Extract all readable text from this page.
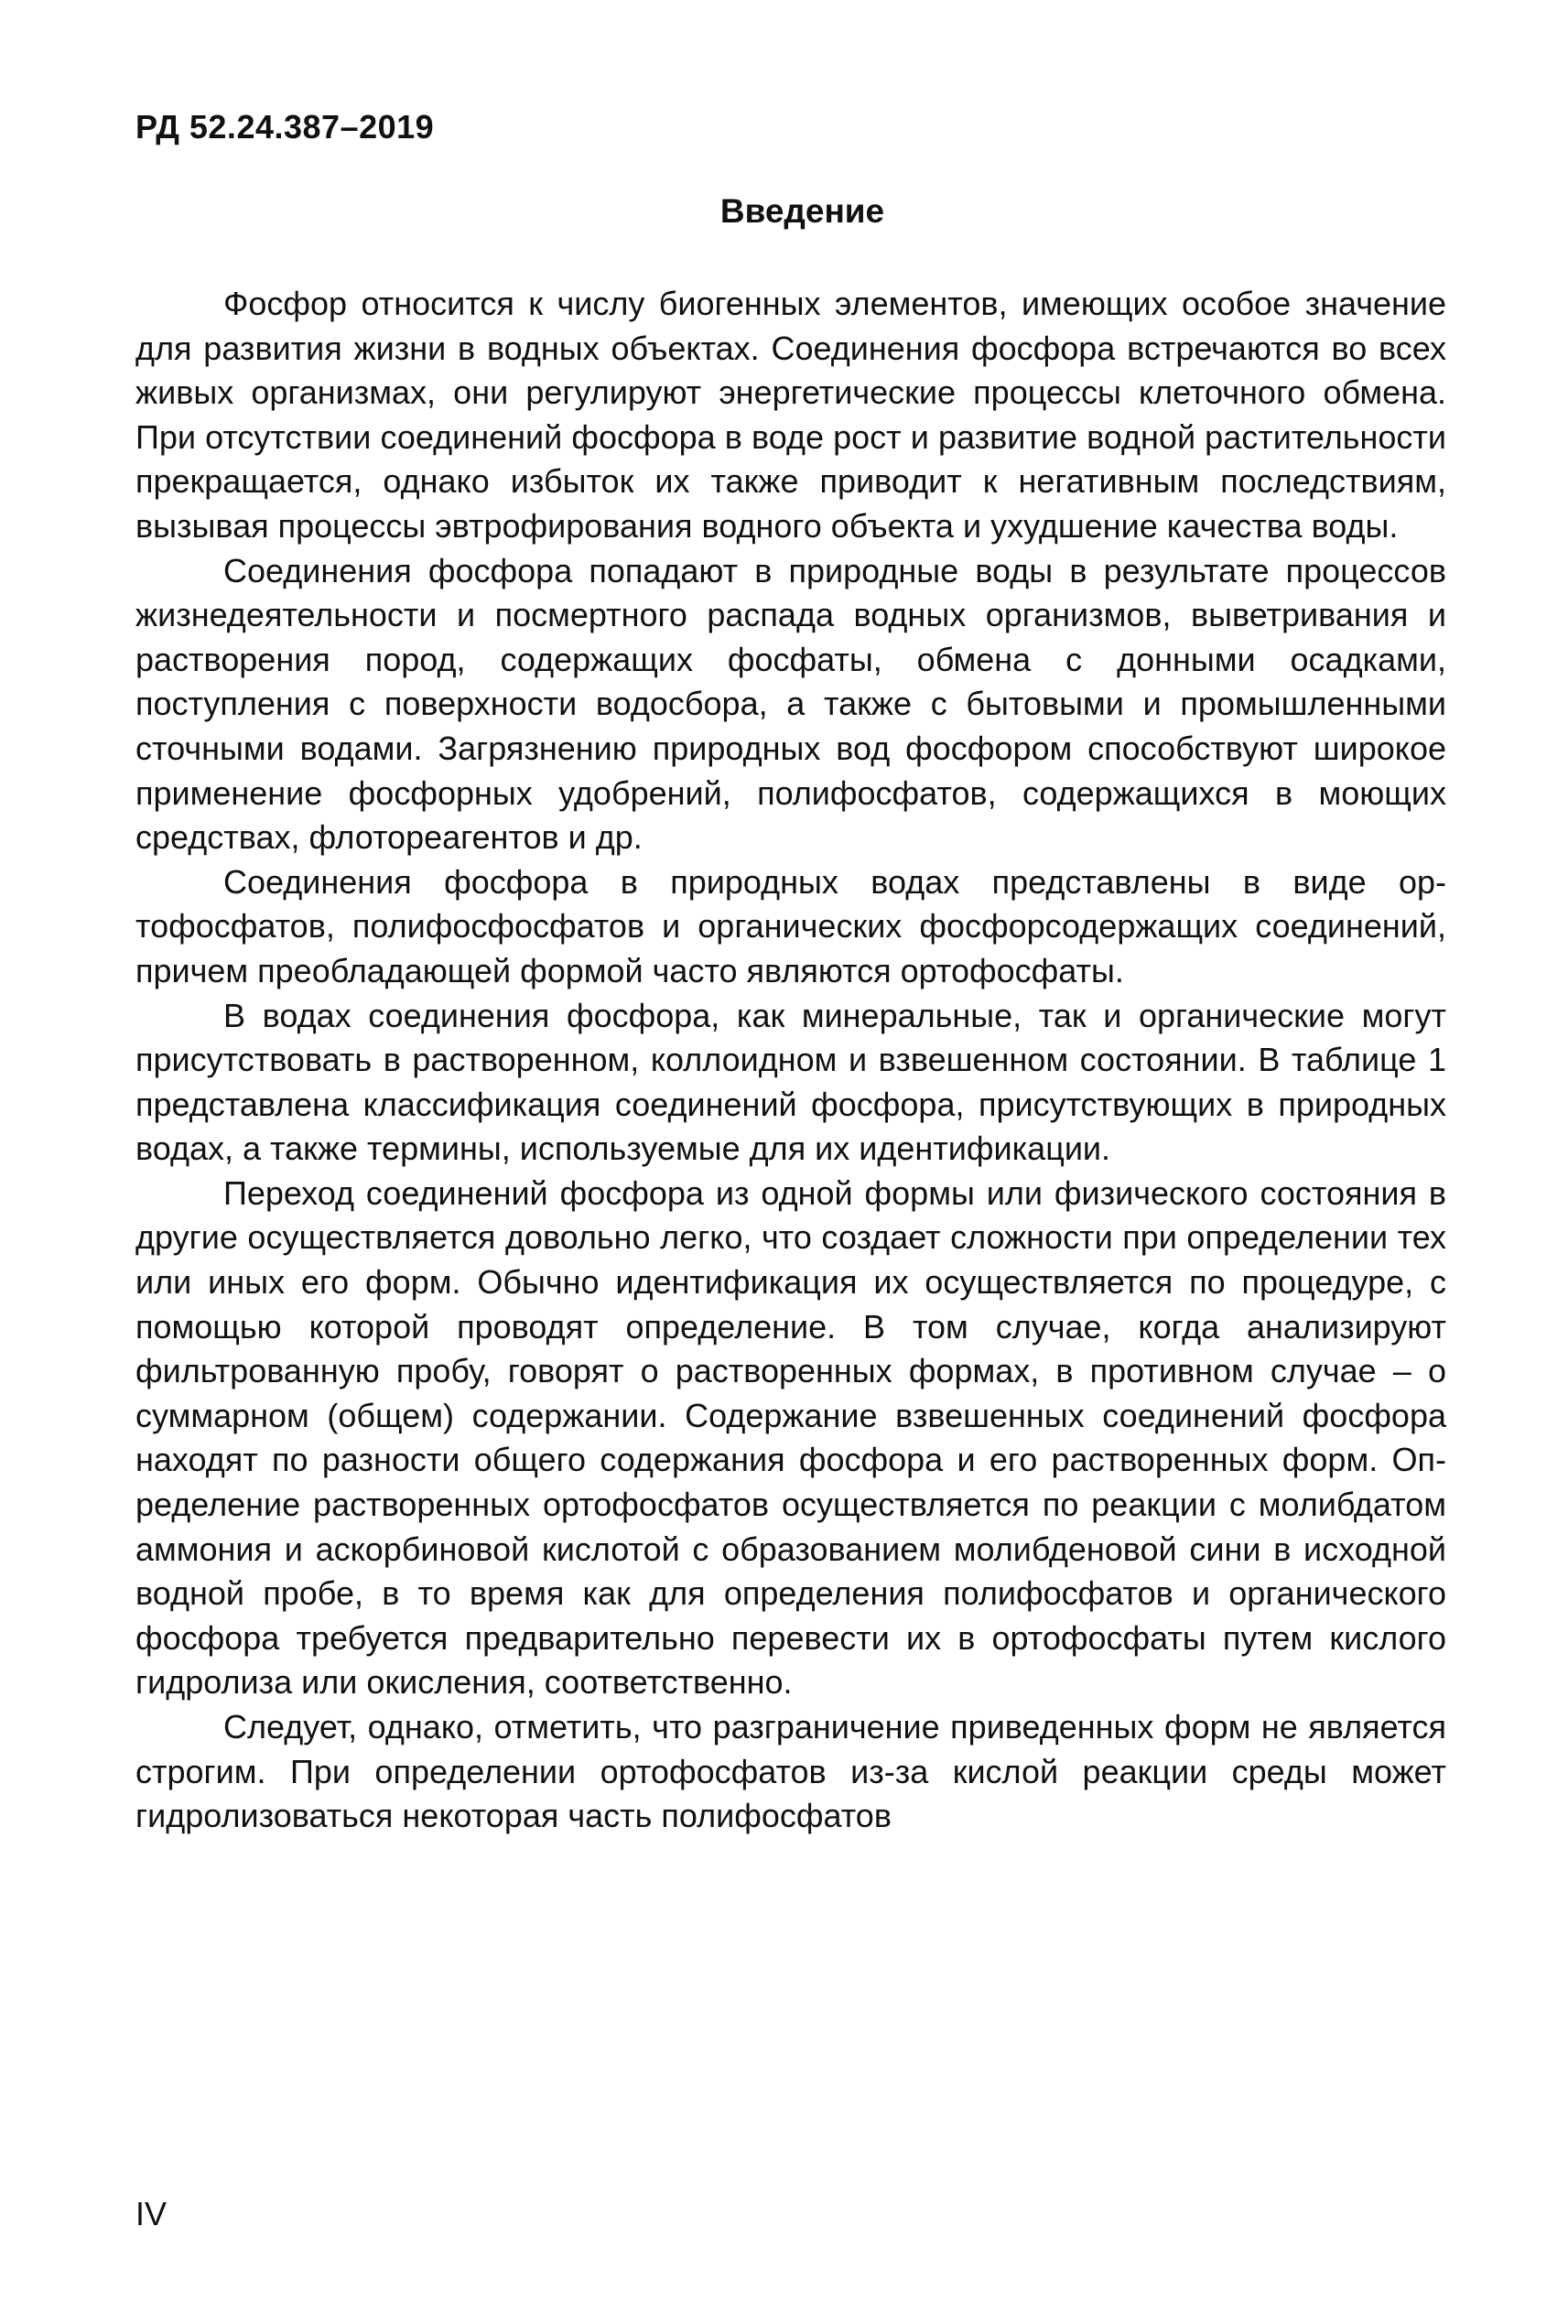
РД 52.24.387–2019

Введение

Фосфор относится к числу биогенных элементов, имеющих особое значение для развития жизни в водных объектах. Соединения фосфора встречаются во всех живых организмах, они регулируют энергетические процессы клеточного обмена. При отсутствии соединений фосфора в воде рост и развитие водной растительности прекращается, однако избыток их также приводит к негативным последствиям, вызывая процессы эвтрофирования водного объекта и ухудшение качества воды.

Соединения фосфора попадают в природные воды в результате процессов жизнедеятельности и посмертного распада водных организмов, выветривания и растворения пород, содержащих фосфаты, обмена с донными осадками, поступления с поверхности водосбора, а также с бытовыми и промышленными сточными водами. Загрязнению природных вод фосфором способствуют широкое применение фосфорных удобрений, полифосфатов, содержащихся в моющих средствах, флотореагентов и др.

Соединения фосфора в природных водах представлены в виде ортофосфатов, полифосфосфатов и органических фосфорсодержащих соединений, причем преобладающей формой часто являются ортофосфаты.

В водах соединения фосфора, как минеральные, так и органические могут присутствовать в растворенном, коллоидном и взвешенном состоянии. В таблице 1 представлена классификация соединений фосфора, присутствующих в природных водах, а также термины, используемые для их идентификации.

Переход соединений фосфора из одной формы или физического состояния в другие осуществляется довольно легко, что создает сложности при определении тех или иных его форм. Обычно идентификация их осуществляется по процедуре, с помощью которой проводят определение. В том случае, когда анализируют фильтрованную пробу, говорят о растворенных формах, в противном случае – о суммарном (общем) содержании. Содержание взвешенных соединений фосфора находят по разности общего содержания фосфора и его растворенных форм. Определение растворенных ортофосфатов осуществляется по реакции с молибдатом аммония и аскорбиновой кислотой с образованием молибденовой сини в исходной водной пробе, в то время как для определения полифосфатов и органического фосфора требуется предварительно перевести их в ортофосфаты путем кислого гидролиза или окисления, соответственно.

Следует, однако, отметить, что разграничение приведенных форм не является строгим. При определении ортофосфатов из-за кислой реакции среды может гидролизоваться некоторая часть полифосфатов

IV
